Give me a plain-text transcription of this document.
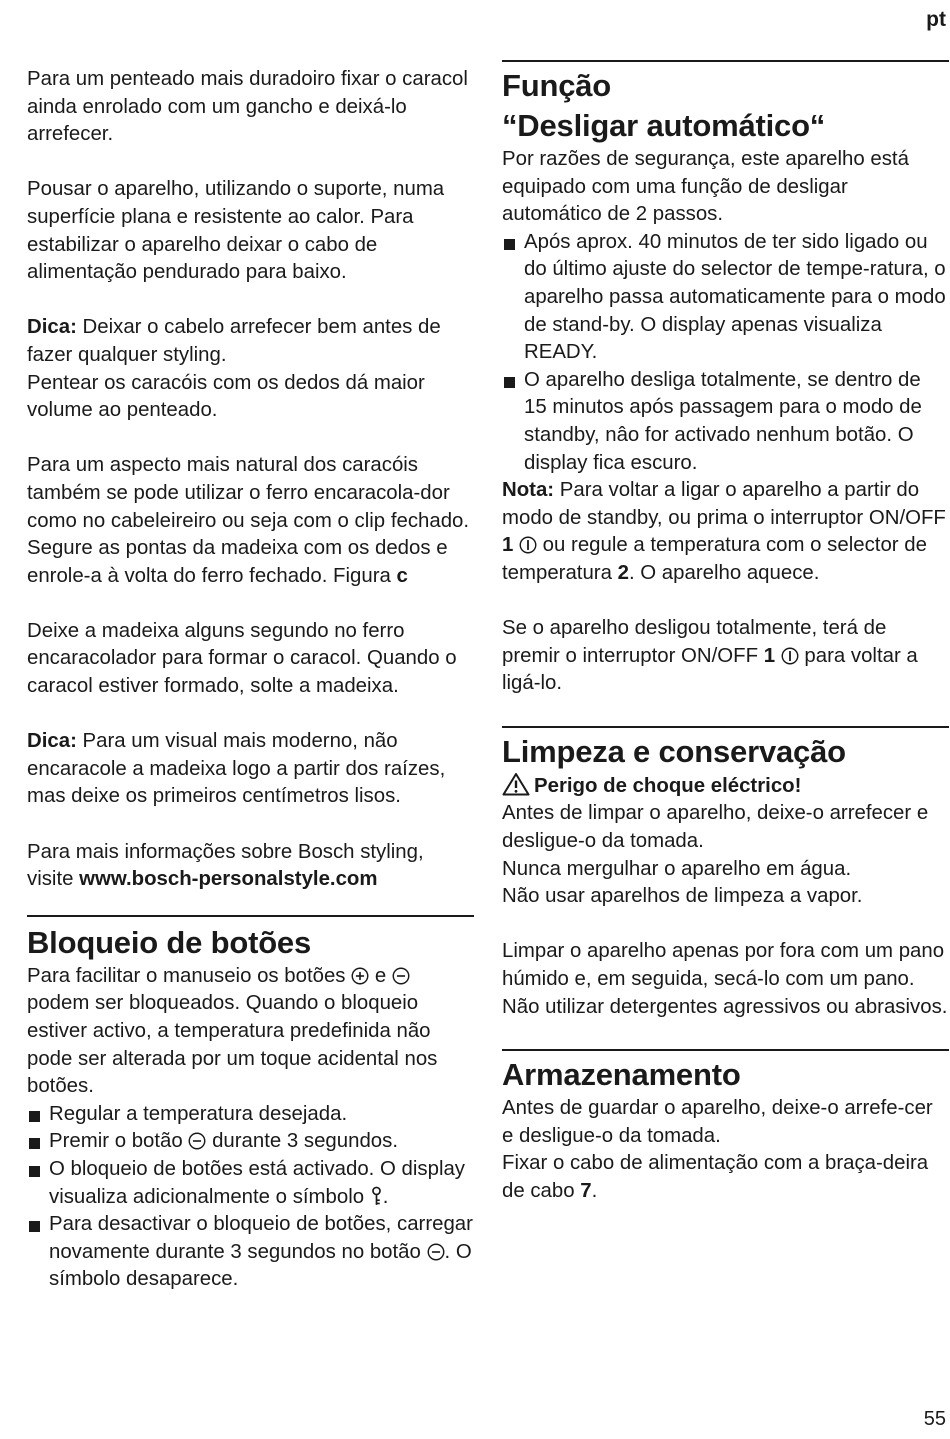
pt

Para um penteado mais duradoiro fixar o caracol ainda enrolado com um gancho e deixá-lo arrefecer.

Pousar o aparelho, utilizando o suporte, numa superfície plana e resistente ao calor. Para estabilizar o aparelho deixar o cabo de alimentação pendurado para baixo.

Dica: Deixar o cabelo arrefecer bem antes de fazer qualquer styling.

Pentear os caracóis com os dedos dá maior volume ao penteado.

Para um aspecto mais natural dos caracóis também se pode utilizar o ferro encaracola-dor como no cabeleireiro ou seja com o clip fechado. Segure as pontas da madeixa com os dedos e enrole-a à volta do ferro fechado. Figura c

Deixe a madeixa alguns segundo no ferro encaracolador para formar o caracol. Quando o caracol estiver formado, solte a madeixa.

Dica: Para um visual mais moderno, não encaracole a madeixa logo a partir dos raízes, mas deixe os primeiros centímetros lisos.

Para mais informações sobre Bosch styling, visite www.bosch-personalstyle.com

Bloqueio de botões

Para facilitar o manuseio os botões  e  podem ser bloqueados. Quando o bloqueio estiver activo, a temperatura predefinida não pode ser alterada por um toque acidental nos botões.

Regular a temperatura desejada.
Premir o botão  durante 3 segundos.
O bloqueio de botões está activado. O display visualiza adicionalmente o símbolo .
Para desactivar o bloqueio de botões, carregar novamente durante 3 segundos no botão . O símbolo desaparece.
Função
“Desligar automático“

Por razões de segurança, este aparelho está equipado com uma função de desligar automático de 2 passos.

Após aprox. 40 minutos de ter sido ligado ou do último ajuste do selector de tempe-ratura, o aparelho passa automaticamente para o modo de stand-by. O display apenas visualiza READY.
O aparelho desliga totalmente, se dentro de 15 minutos após passagem para o modo de standby, nâo for activado nenhum botão. O display fica escuro.

Nota: Para voltar a ligar o aparelho a partir do modo de standby, ou prima o interruptor ON/OFF 1  ou regule a temperatura com o selector de temperatura 2. O aparelho aquece.

Se o aparelho desligou totalmente, terá de premir o interruptor ON/OFF 1  para voltar a ligá-lo.

Limpeza e conservação

Perigo de choque eléctrico!

Antes de limpar o aparelho, deixe-o arrefecer e desligue-o da tomada.

Nunca mergulhar o aparelho em água.

Não usar aparelhos de limpeza a vapor.

Limpar o aparelho apenas por fora com um pano húmido e, em seguida, secá-lo com um pano.

Não utilizar detergentes agressivos ou abrasivos.

Armazenamento

Antes de guardar o aparelho, deixe-o arrefe-cer e desligue-o da tomada.

Fixar o cabo de alimentação com a braça-deira de cabo 7.

55
